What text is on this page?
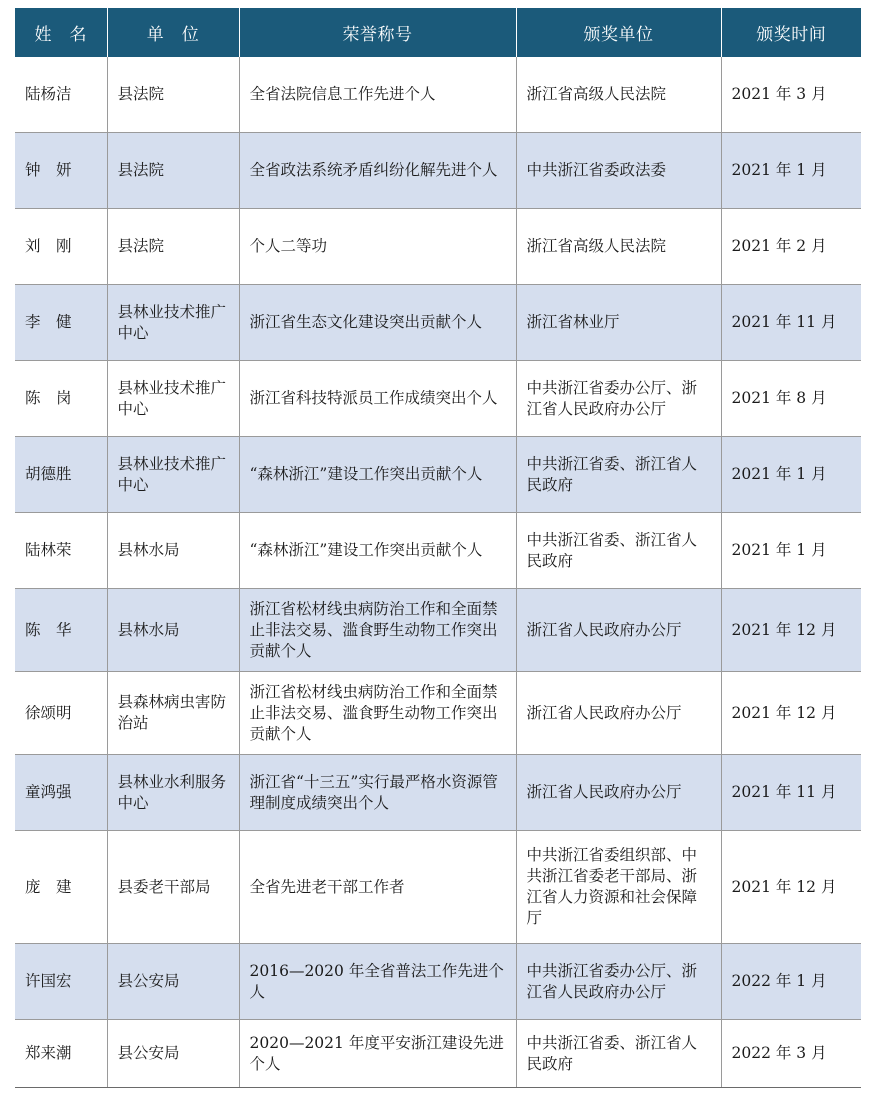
姓　名	单　位	荣誉称号	颁奖单位	颁奖时间
陆杨洁	县法院	全省法院信息工作先进个人	浙江省高级人民法院	2021 年 3 月
钟　妍	县法院	全省政法系统矛盾纠纷化解先进个人	中共浙江省委政法委	2021 年 1 月
刘　刚	县法院	个人二等功	浙江省高级人民法院	2021 年 2 月
李　健	县林业技术推广中心	浙江省生态文化建设突出贡献个人	浙江省林业厅	2021 年 11 月
陈　岗	县林业技术推广中心	浙江省科技特派员工作成绩突出个人	中共浙江省委办公厅、浙江省人民政府办公厅	2021 年 8 月
胡德胜	县林业技术推广中心	“森林浙江”建设工作突出贡献个人	中共浙江省委、浙江省人民政府	2021 年 1 月
陆林荣	县林水局	“森林浙江”建设工作突出贡献个人	中共浙江省委、浙江省人民政府	2021 年 1 月
陈　华	县林水局	浙江省松材线虫病防治工作和全面禁止非法交易、滥食野生动物工作突出贡献个人	浙江省人民政府办公厅	2021 年 12 月
徐颂明	县森林病虫害防治站	浙江省松材线虫病防治工作和全面禁止非法交易、滥食野生动物工作突出贡献个人	浙江省人民政府办公厅	2021 年 12 月
童鸿强	县林业水利服务中心	浙江省“十三五”实行最严格水资源管理制度成绩突出个人	浙江省人民政府办公厅	2021 年 11 月
庞　建	县委老干部局	全省先进老干部工作者	中共浙江省委组织部、中共浙江省委老干部局、浙江省人力资源和社会保障厅	2021 年 12 月
许国宏	县公安局	2016—2020 年全省普法工作先进个人	中共浙江省委办公厅、浙江省人民政府办公厅	2022 年 1 月
郑来潮	县公安局	2020—2021 年度平安浙江建设先进个人	中共浙江省委、浙江省人民政府	2022 年 3 月
